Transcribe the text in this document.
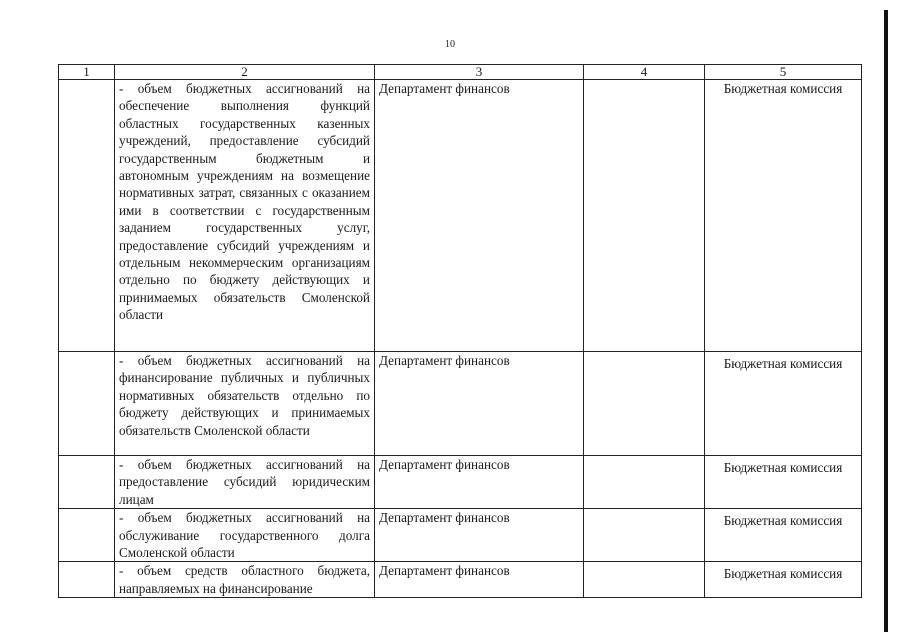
10
1	2	3	4	5
	- объем бюджетных ассигнований на обеспечение выполнения функций областных государственных казенных учреждений, предоставление субсидий государственным бюджетным и автономным учреждениям на возмещение нормативных затрат, связанных с оказанием ими в соответствии с государственным заданием государственных услуг, предоставление субсидий учреждениям и отдельным некоммерческим организациям отдельно по бюджету действующих и принимаемых обязательств Смоленской области	Департамент финансов		Бюджетная комиссия
	- объем бюджетных ассигнований на финансирование публичных и публичных нормативных обязательств отдельно по бюджету действующих и принимаемых обязательств Смоленской области	Департамент финансов		Бюджетная комиссия
	- объем бюджетных ассигнований на предоставление субсидий юридическим лицам	Департамент финансов		Бюджетная комиссия
	- объем бюджетных ассигнований на обслуживание государственного долга Смоленской области	Департамент финансов		Бюджетная комиссия
	- объем средств областного бюджета, направляемых на финансирование	Департамент финансов		Бюджетная комиссия
